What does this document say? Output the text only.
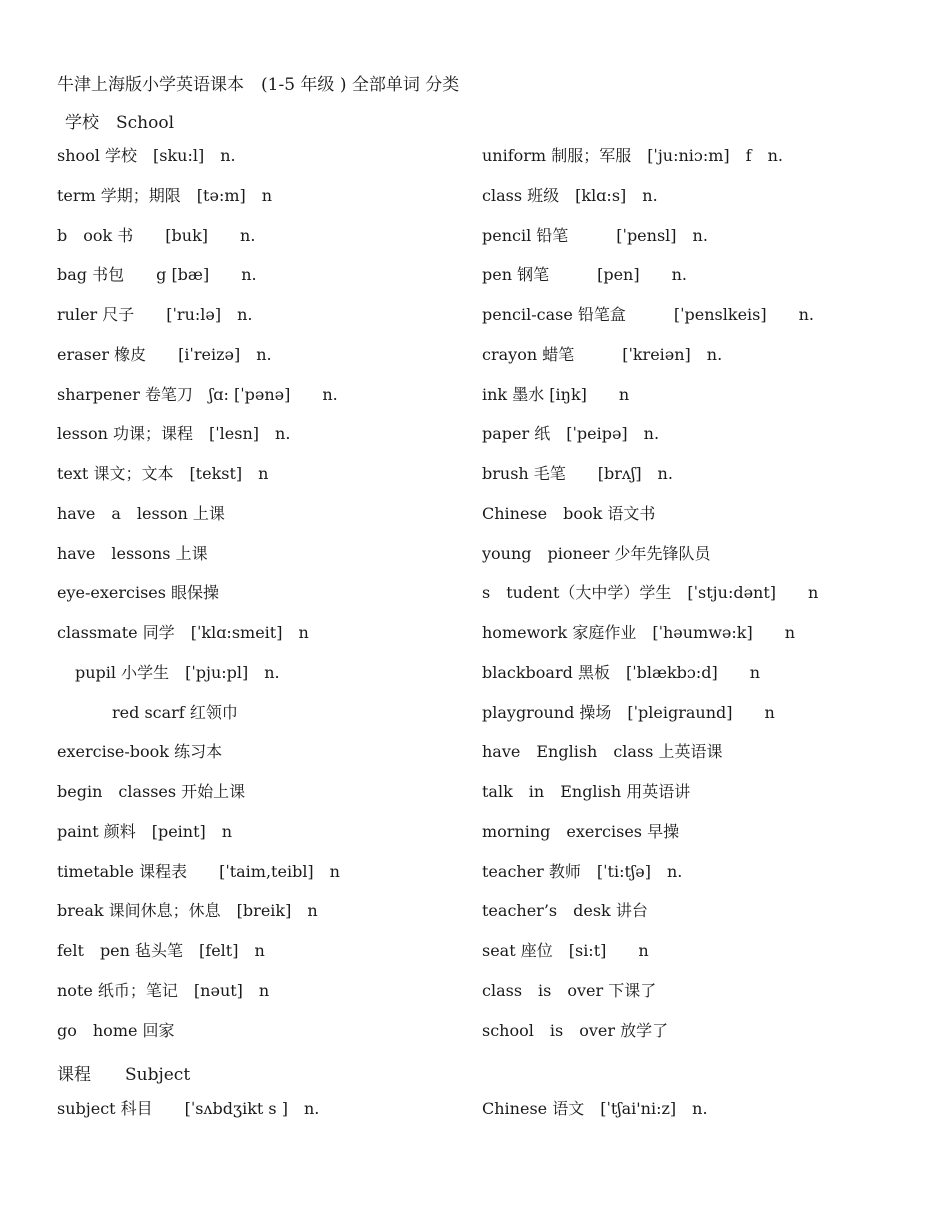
牛津上海版小学英语课本　(1-5 年级 ) 全部单词 分类
学校　School
shool 学校　[sku:l]　n.
term 学期；期限　[tə:m]　n
b　ook 书　　[buk]　　n.
bag 书包　　g [bæ]　　n.
ruler 尺子　　[ˈru:lə]　n.
eraser 橡皮　　[iˈreizə]　n.
sharpener 卷笔刀　ʃɑ: [ˈpənə]　　n.
lesson 功课；课程　[ˈlesn]　n.
text 课文；文本　[tekst]　n
have　a　lesson 上课
have　lessons 上课
eye-exercises 眼保操
classmate 同学　[ˈklɑ:smeit]　n
pupil 小学生　[ˈpju:pl]　n.
red scarf 红领巾
exercise-book 练习本
begin　classes 开始上课
paint 颜料　[peint]　n
timetable 课程表　　[ˈtaim,teibl]　n
break 课间休息；休息　[breik]　n
felt　pen 毡头笔　[felt]　n
note 纸币；笔记　[nəut]　n
go　home 回家
uniform 制服；军服　[ˈju:niɔ:m]　f　n.
class 班级　[klɑ:s]　n.
pencil 铅笔　　　[ˈpensl]　n.
pen 钢笔　　　[pen]　　n.
pencil-case 铅笔盒　　　[ˈpenslkeis]　　n.
crayon 蜡笔　　　[ˈkreiən]　n.
ink 墨水 [iŋk]　　n
paper 纸　[ˈpeipə]　n.
brush 毛笔　　[brʌʃ]　n.
Chinese　book 语文书
young　pioneer 少年先锋队员
s　tudent（大中学）学生　[ˈstju:dənt]　　n
homework 家庭作业　[ˈhəumwə:k]　　n
blackboard 黑板　[ˈblækbɔ:d]　　n
playground 操场　[ˈpleigraund]　　n
have　English　class 上英语课
talk　in　English 用英语讲
morning　exercises 早操
teacher 教师　[ˈti:tʃə]　n.
teacher’s　desk 讲台
seat 座位　[si:t]　　n
class　is　over 下课了
school　is　over 放学了
课程　　Subject
subject 科目　　[ˈsʌbdʒikt s ]　n.	Chinese 语文　[ˈtʃai'ni:z]　n.
